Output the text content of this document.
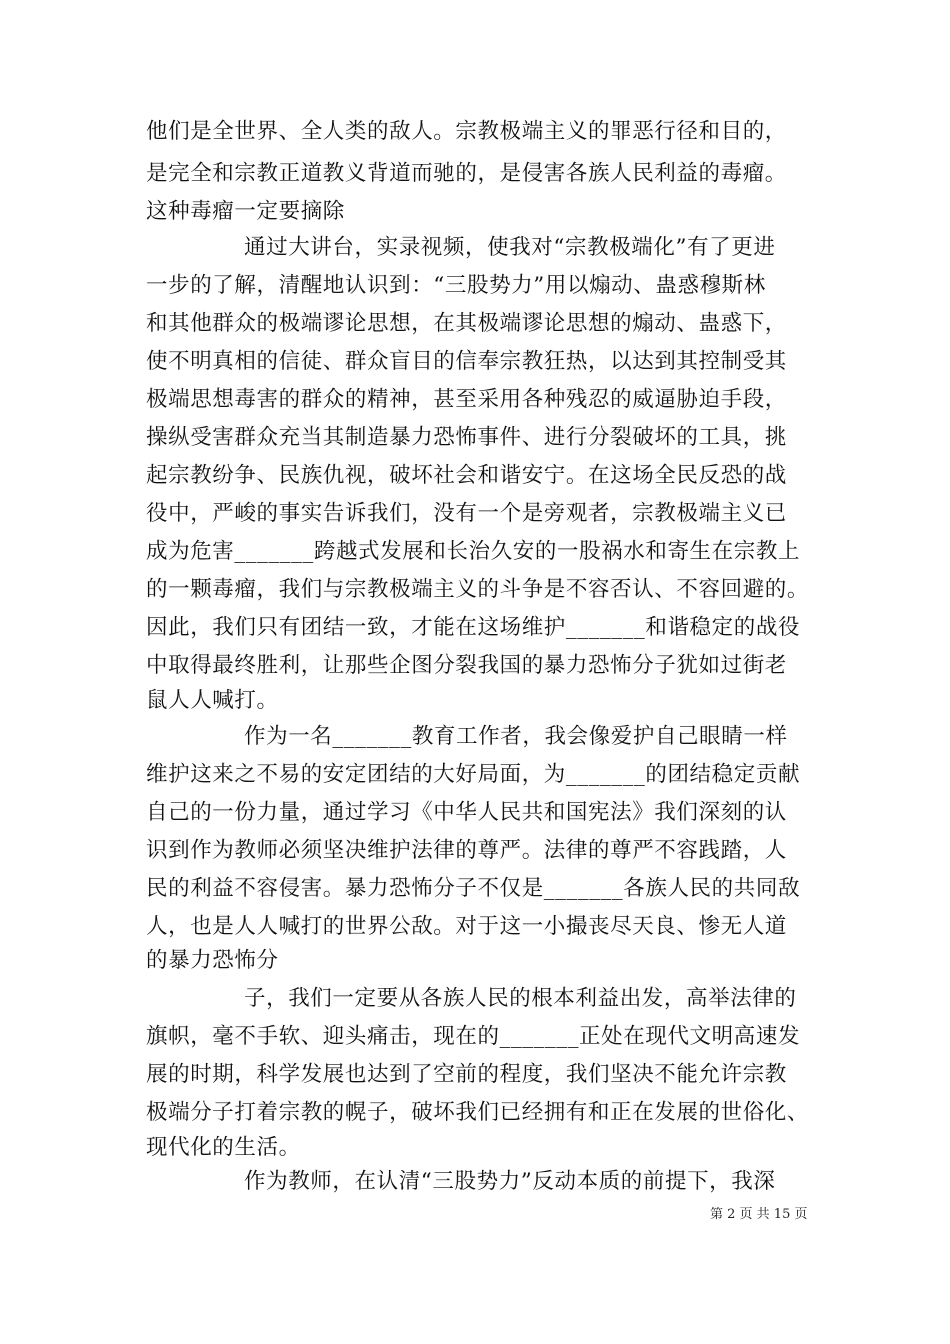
他们是全世界、全人类的敌人。宗教极端主义的罪恶行径和目的，
是完全和宗教正道教义背道而驰的，是侵害各族人民利益的毒瘤。
这种毒瘤一定要摘除
通过大讲台，实录视频，使我对“宗教极端化”有了更进
一步的了解，清醒地认识到：“三股势力”用以煽动、蛊惑穆斯林
和其他群众的极端谬论思想，在其极端谬论思想的煽动、蛊惑下，
使不明真相的信徒、群众盲目的信奉宗教狂热，以达到其控制受其
极端思想毒害的群众的精神，甚至采用各种残忍的威逼胁迫手段，
操纵受害群众充当其制造暴力恐怖事件、进行分裂破坏的工具，挑
起宗教纷争、民族仇视，破坏社会和谐安宁。在这场全民反恐的战
役中，严峻的事实告诉我们，没有一个是旁观者，宗教极端主义已
成为危害_______跨越式发展和长治久安的一股祸水和寄生在宗教上
的一颗毒瘤，我们与宗教极端主义的斗争是不容否认、不容回避的。
因此，我们只有团结一致，才能在这场维护_______和谐稳定的战役
中取得最终胜利，让那些企图分裂我国的暴力恐怖分子犹如过街老
鼠人人喊打。
作为一名_______教育工作者，我会像爱护自己眼睛一样
维护这来之不易的安定团结的大好局面，为_______的团结稳定贡献
自己的一份力量，通过学习《中华人民共和国宪法》我们深刻的认
识到作为教师必须坚决维护法律的尊严。法律的尊严不容践踏，人
民的利益不容侵害。暴力恐怖分子不仅是_______各族人民的共同敌
人，也是人人喊打的世界公敌。对于这一小撮丧尽天良、惨无人道
的暴力恐怖分
子，我们一定要从各族人民的根本利益出发，高举法律的
旗帜，毫不手软、迎头痛击，现在的_______正处在现代文明高速发
展的时期，科学发展也达到了空前的程度，我们坚决不能允许宗教
极端分子打着宗教的幌子，破坏我们已经拥有和正在发展的世俗化、
现代化的生活。
作为教师，在认清“三股势力”反动本质的前提下，我深
第 2 页 共 15 页
